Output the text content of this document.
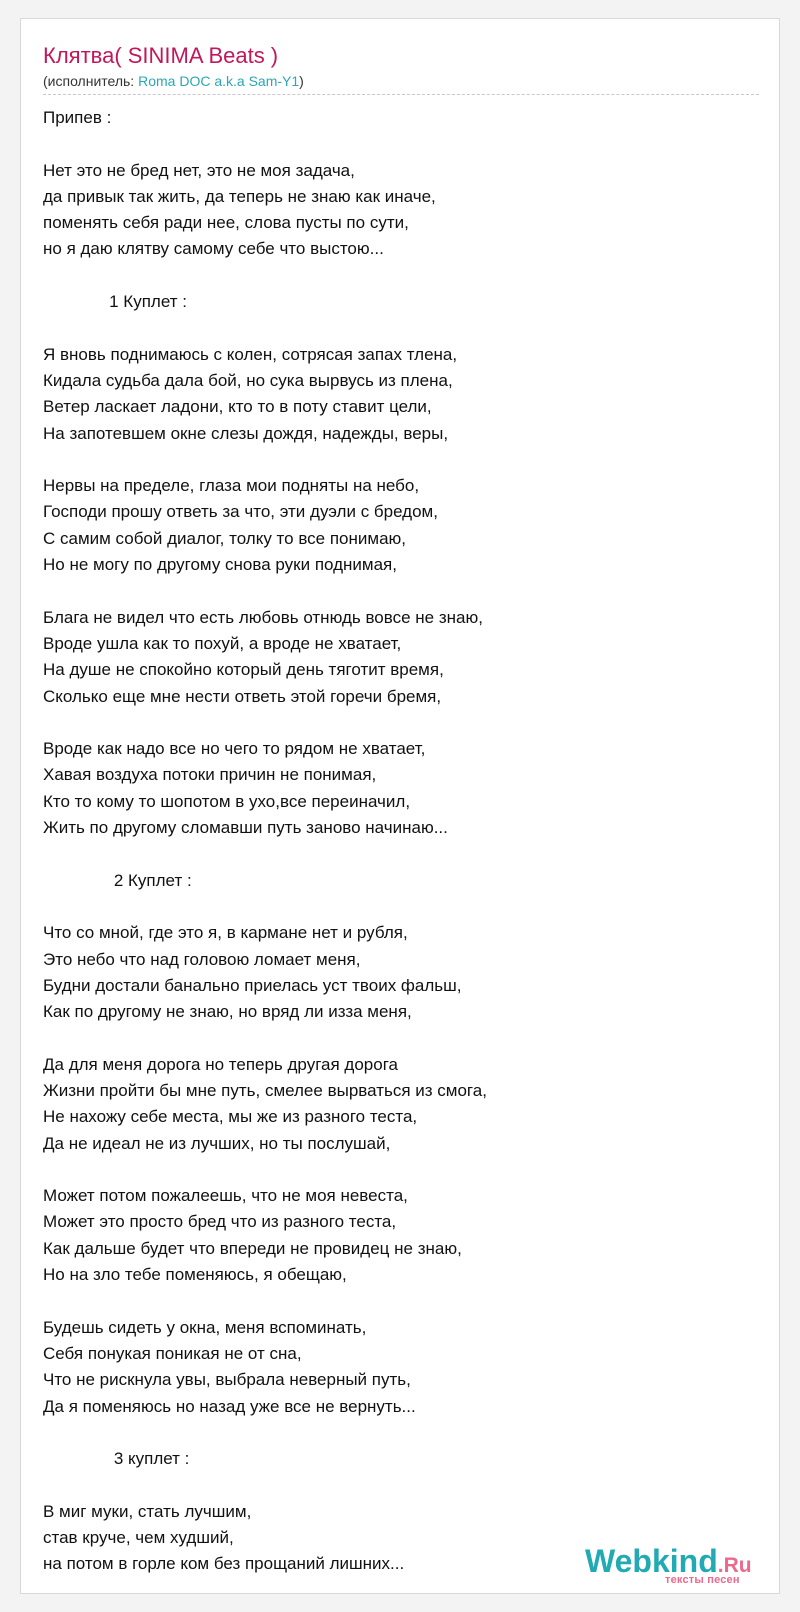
Клятва( SINIMA Beats )
(исполнитель: Roma DOC a.k.a Sam-Y1)
Припев :
Нет это не бред нет, это не моя задача,
да привык так жить, да теперь не знаю как иначе,
поменять себя ради нее, слова пусты по сути,
но я даю клятву самому себе что выстою...
1 Куплет :
Я вновь поднимаюсь с колен, сотрясая запах тлена,
Кидала судьба дала бой, но сука вырвусь из плена,
Ветер ласкает ладони, кто то в поту ставит цели,
На запотевшем окне слезы дождя, надежды, веры,
Нервы на пределе, глаза мои подняты на небо,
Господи прошу ответь за что, эти дуэли с бредом,
С самим собой диалог, толку то все понимаю,
Но не могу по другому снова руки поднимая,
Блага не видел что есть любовь отнюдь вовсе не знаю,
Вроде ушла как то похуй, а вроде не хватает,
На душе не спокойно который день тяготит время,
Сколько еще мне нести ответь этой горечи бремя,
Вроде как надо все но чего то рядом не хватает,
Хавая воздуха потоки причин не понимая,
Кто то кому то шопотом в ухо,все переиначил,
Жить по другому сломавши путь заново начинаю...
2 Куплет :
Что со мной, где это я, в кармане нет и рубля,
Это небо что над головою ломает меня,
Будни достали банально приелась уст твоих фальш,
Как по другому не знаю, но вряд ли изза меня,
Да для меня дорога но теперь другая дорога
Жизни пройти бы мне путь, смелее вырваться из смога,
Не нахожу себе места, мы же из разного теста,
Да не идеал не из лучших, но ты послушай,
Может потом пожалеешь, что не моя невеста,
Может это просто бред что из разного теста,
Как дальше будет что впереди не провидец не знаю,
Но на зло тебе поменяюсь, я обещаю,
Будешь сидеть у окна, меня вспоминать,
Себя понукая поникая не от сна,
Что не рискнула увы, выбрала неверный путь,
Да я поменяюсь но назад уже все не вернуть...
3 куплет :
В миг муки, стать лучшим,
став круче, чем худший,
на потом в горле ком без прощаний лишних...	Webkind.Ru
тексты песен
